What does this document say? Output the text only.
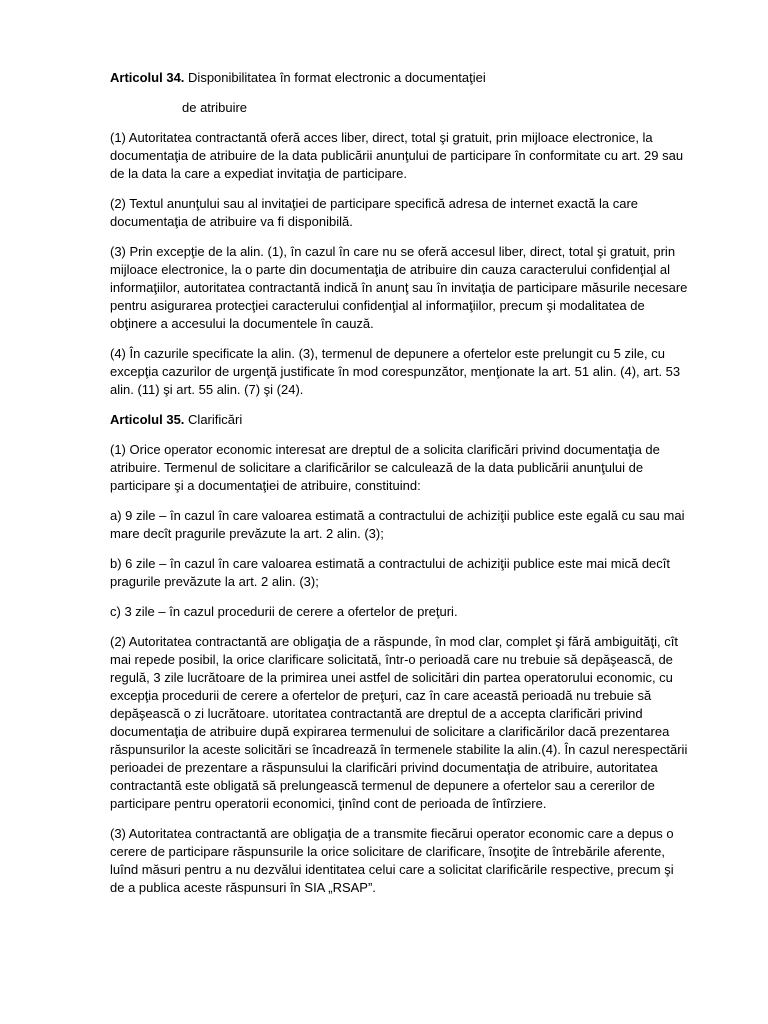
Articolul 34. Disponibilitatea în format electronic a documentaţiei

de atribuire

(1) Autoritatea contractantă oferă acces liber, direct, total şi gratuit, prin mijloace electronice, la documentaţia de atribuire de la data publicării anunţului de participare în conformitate cu art. 29 sau de la data la care a expediat invitaţia de participare.

(2) Textul anunţului sau al invitaţiei de participare specifică adresa de internet exactă la care documentaţia de atribuire va fi disponibilă.

(3) Prin excepţie de la alin. (1), în cazul în care nu se oferă accesul liber, direct, total şi gratuit, prin mijloace electronice, la o parte din documentaţia de atribuire din cauza caracterului confidenţial al informaţiilor, autoritatea contractantă indică în anunţ sau în invitaţia de participare măsurile necesare pentru asigurarea protecţiei caracterului confidenţial al informaţiilor, precum şi modalitatea de obţinere a accesului la documentele în cauză.

(4) În cazurile specificate la alin. (3), termenul de depunere a ofertelor este prelungit cu 5 zile, cu excepţia cazurilor de urgenţă justificate în mod corespunzător, menţionate la art. 51 alin. (4), art. 53 alin. (11) şi art. 55 alin. (7) şi (24).

Articolul 35. Clarificări

(1) Orice operator economic interesat are dreptul de a solicita clarificări privind documentaţia de atribuire. Termenul de solicitare a clarificărilor se calculează de la data publicării anunţului de participare şi a documentaţiei de atribuire, constituind:

a) 9 zile – în cazul în care valoarea estimată a contractului de achiziţii publice este egală cu sau mai mare decît pragurile prevăzute la art. 2 alin. (3);

b) 6 zile – în cazul în care valoarea estimată a contractului de achiziţii publice este mai mică decît pragurile prevăzute la art. 2 alin. (3);

c) 3 zile – în cazul procedurii de cerere a ofertelor de preţuri.

(2) Autoritatea contractantă are obligaţia de a răspunde, în mod clar, complet şi fără ambiguităţi, cît mai repede posibil, la orice clarificare solicitată, într-o perioadă care nu trebuie să depăşească, de regulă, 3 zile lucrătoare de la primirea unei astfel de solicitări din partea operatorului economic, cu excepţia procedurii de cerere a ofertelor de preţuri, caz în care această perioadă nu trebuie să depăşească o zi lucrătoare. utoritatea contractantă are dreptul de a accepta clarificări privind documentaţia de atribuire după expirarea termenului de solicitare a clarificărilor dacă prezentarea răspunsurilor la aceste solicitări se încadrează în termenele stabilite la alin.(4). În cazul nerespectării perioadei de prezentare a răspunsului la clarificări privind documentaţia de atribuire, autoritatea contractantă este obligată să prelungească termenul de depunere a ofertelor sau a cererilor de participare pentru operatorii economici, ţinînd cont de perioada de întîrziere.

(3) Autoritatea contractantă are obligaţia de a transmite fiecărui operator economic care a depus o cerere de participare răspunsurile la orice solicitare de clarificare, însoţite de întrebările aferente, luînd măsuri pentru a nu dezvălui identitatea celui care a solicitat clarificările respective, precum şi de a publica aceste răspunsuri în SIA „RSAP”.
